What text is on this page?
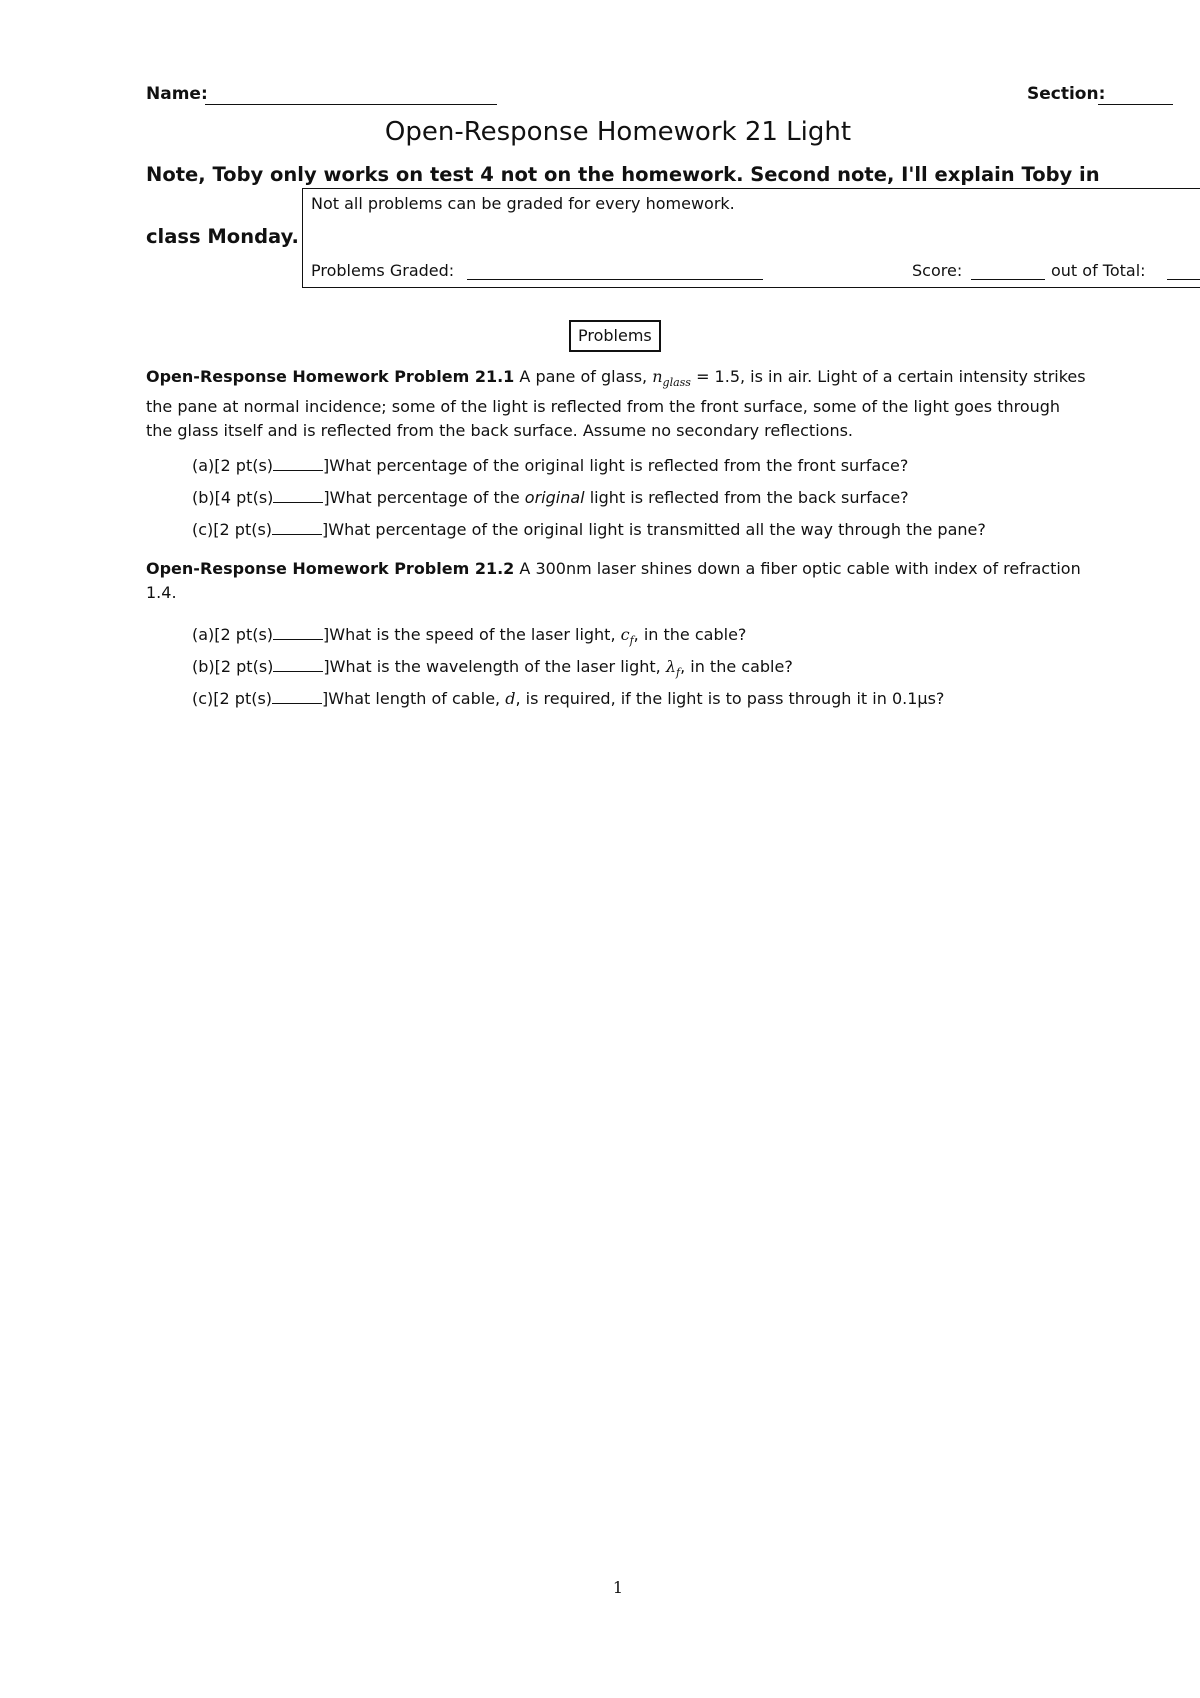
Name:	Section:
Open-Response Homework 21 Light
Note, Toby only works on test 4 not on the homework. Second note, I'll explain Toby in
class Monday.
Not all problems can be graded for every homework.
Problems Graded:	Score:	out of Total:
Problems
Open-Response Homework Problem 21.1 A pane of glass, $n_{glass} = 1.5$, is in air. Light of a certain intensity strikes the pane at normal incidence; some of the light is reflected from the front surface, some of the light goes through the glass itself and is reflected from the back surface. Assume no secondary reflections.
(a)[2 pt(s)	]What percentage of the original light is reflected from the front surface?
(b)[4 pt(s)	]What percentage of the original light is reflected from the back surface?
(c)[2 pt(s)	]What percentage of the original light is transmitted all the way through the pane?
Open-Response Homework Problem 21.2 A 300nm laser shines down a fiber optic cable with index of refraction 1.4.
(a)[2 pt(s)	]What is the speed of the laser light, $c_f$, in the cable?
(b)[2 pt(s)	]What is the wavelength of the laser light, $\lambda_f$, in the cable?
(c)[2 pt(s)	]What length of cable, d, is required, if the light is to pass through it in 0.1μs?
1
